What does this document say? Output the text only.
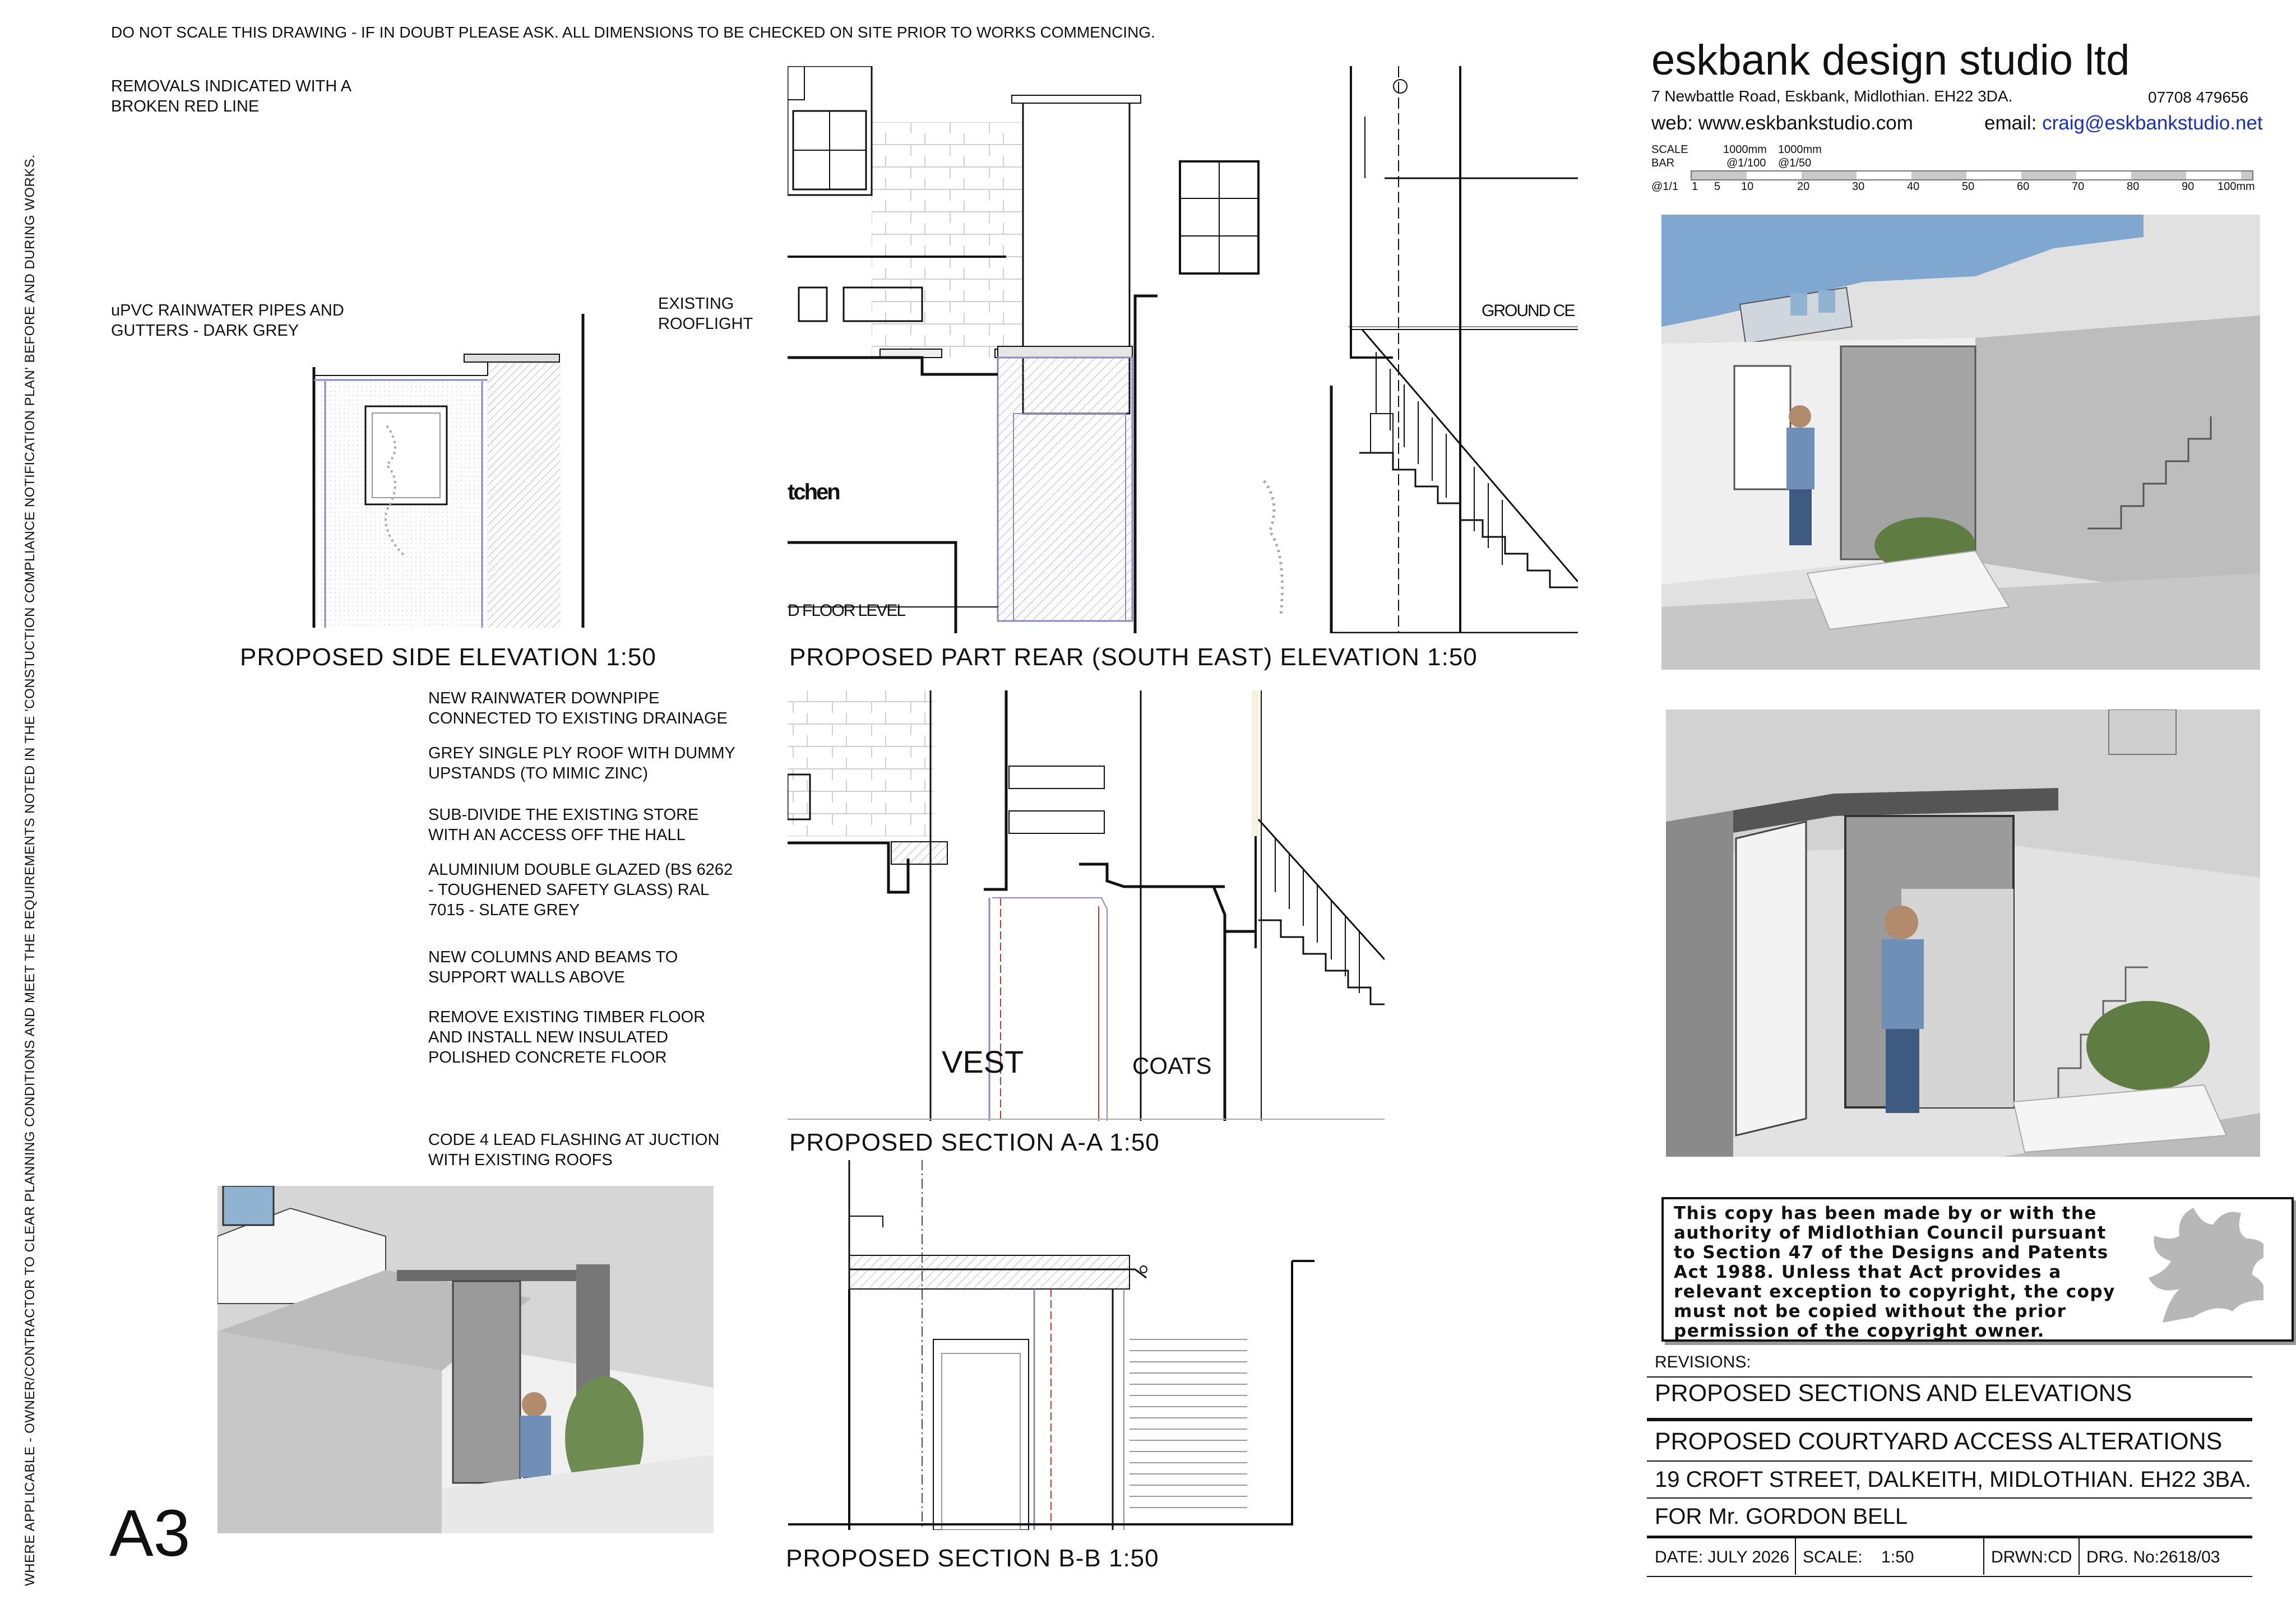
WHERE APPLICABLE - OWNER/CONTRACTOR TO CLEAR PLANNING CONDITIONS AND MEET THE REQUIREMENTS NOTED IN THE 'CONSTUCTION COMPLIANCE NOTIFICATION PLAN' BEFORE AND DURING WORKS.
DO NOT SCALE THIS DRAWING - IF IN DOUBT PLEASE ASK. ALL DIMENSIONS TO BE CHECKED ON SITE PRIOR TO WORKS COMMENCING.
REMOVALS INDICATED WITH A
BROKEN RED LINE
uPVC RAINWATER PIPES AND
GUTTERS - DARK GREY
EXISTING
ROOFLIGHT
NEW RAINWATER DOWNPIPE
CONNECTED TO EXISTING DRAINAGE
GREY SINGLE PLY ROOF WITH DUMMY
UPSTANDS (TO MIMIC ZINC)
SUB-DIVIDE THE EXISTING STORE
WITH AN ACCESS OFF THE HALL
ALUMINIUM DOUBLE GLAZED (BS 6262
- TOUGHENED SAFETY GLASS) RAL
7015 - SLATE GREY
NEW COLUMNS AND BEAMS TO
SUPPORT WALLS ABOVE
REMOVE EXISTING TIMBER FLOOR
AND INSTALL NEW INSULATED
POLISHED CONCRETE FLOOR
CODE 4 LEAD FLASHING AT JUCTION
WITH EXISTING ROOFS
tchen
D FLOOR LEVEL
GROUND CE
PROPOSED SIDE ELEVATION 1:50	PROPOSED PART REAR (SOUTH EAST) ELEVATION 1:50
VEST	COATS
PROPOSED SECTION A-A 1:50
PROPOSED SECTION B-B 1:50
A3
eskbank design studio ltd
7 Newbattle Road, Eskbank, Midlothian. EH22 3DA.	07708 479656
web: www.eskbankstudio.com	email: craig@eskbankstudio.net
SCALE
BAR
1000mm 1000mm
@1/100 @1/50
@1/1 1 5 10	20	30	40	50	60	70	80	90 100mm
This copy has been made by or with the
authority of Midlothian Council pursuant
to Section 47 of the Designs and Patents
Act 1988. Unless that Act provides a
relevant exception to copyright, the copy
must not be copied without the prior
permission of the copyright owner.
REVISIONS:
PROPOSED SECTIONS AND ELEVATIONS
PROPOSED COURTYARD ACCESS ALTERATIONS
19 CROFT STREET, DALKEITH, MIDLOTHIAN. EH22 3BA.
FOR Mr. GORDON BELL
DATE: JULY 2026 SCALE:    1:50	DRWN:CD DRG. No:2618/03
